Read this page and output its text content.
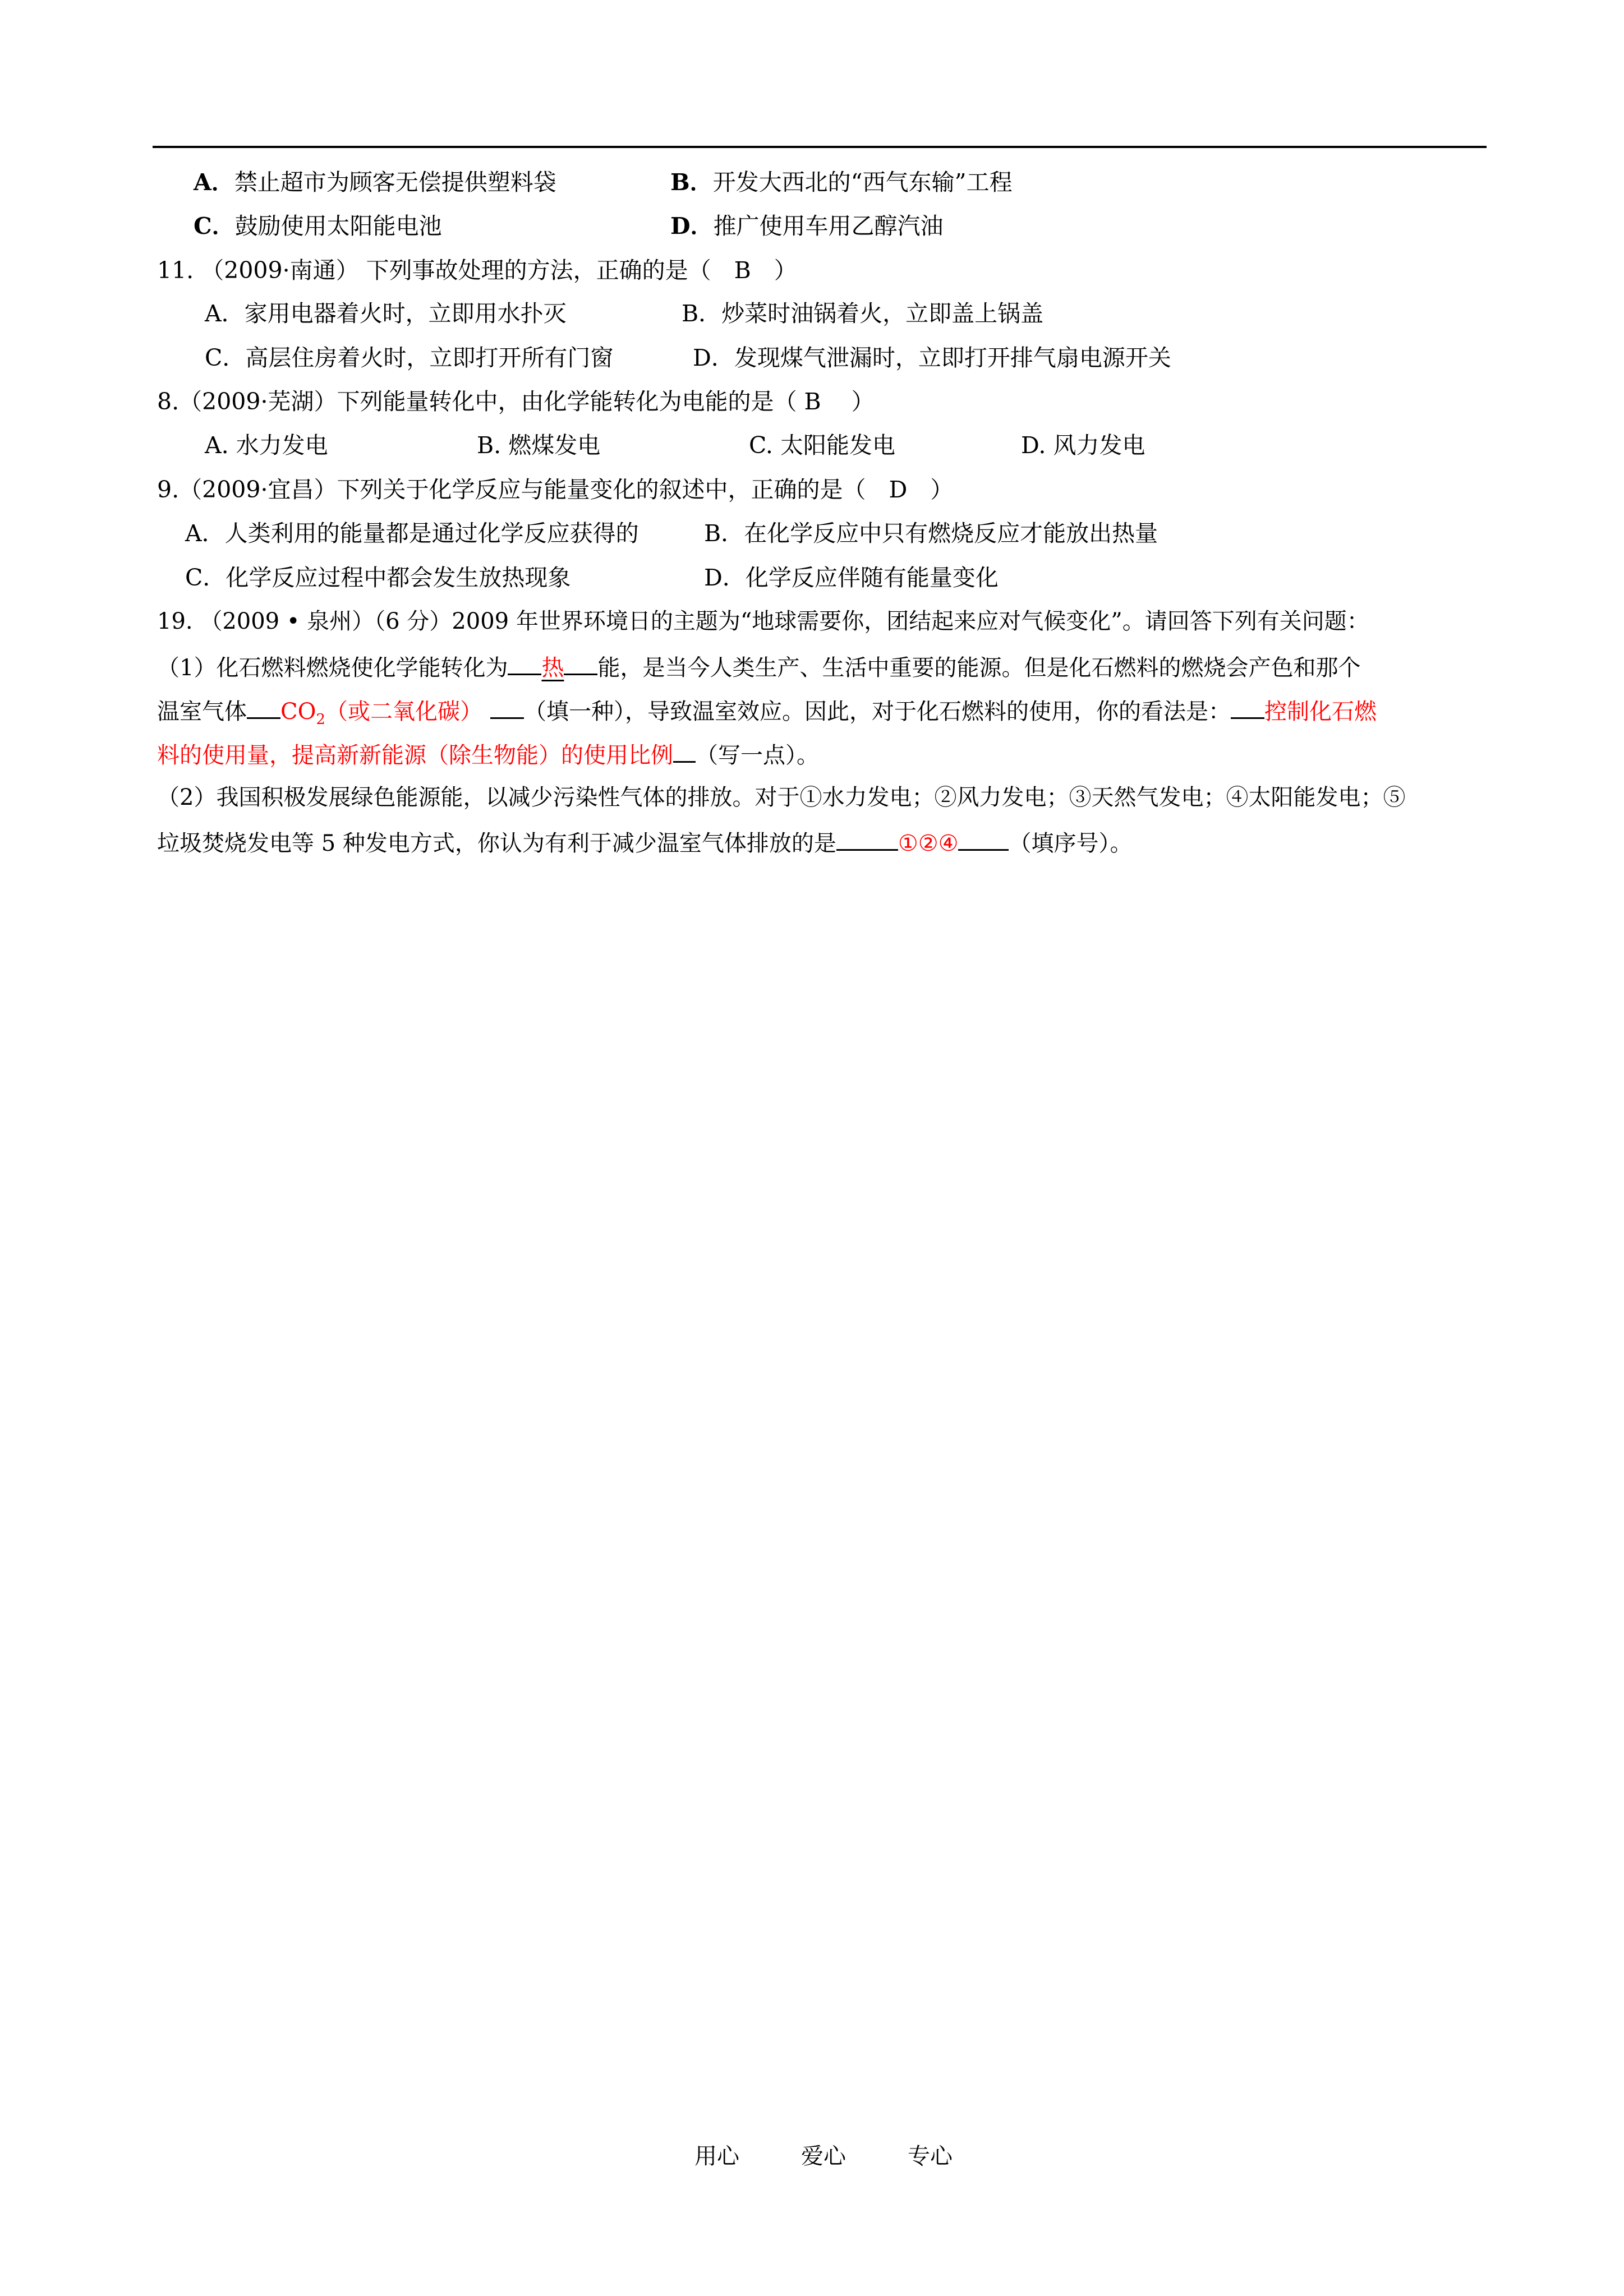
A．禁止超市为顾客无偿提供塑料袋	B．开发大西北的“西气东输”工程
C．鼓励使用太阳能电池	D．推广使用车用乙醇汽油
11. （2009·南通） 下列事故处理的方法，正确的是（　B　）
A．家用电器着火时，立即用水扑灭	B．炒菜时油锅着火，立即盖上锅盖
C．高层住房着火时，立即打开所有门窗	D．发现煤气泄漏时，立即打开排气扇电源开关
8.（2009·芜湖）下列能量转化中，由化学能转化为电能的是（ B　 ）
A. 水力发电	B. 燃煤发电	C. 太阳能发电	D. 风力发电
9.（2009·宜昌）下列关于化学反应与能量变化的叙述中，正确的是（　D　）
A．人类利用的能量都是通过化学反应获得的	B．在化学反应中只有燃烧反应才能放出热量
C．化学反应过程中都会发生放热现象	D．化学反应伴随有能量变化
19. （2009 • 泉州）（6 分）2009 年世界环境日的主题为“地球需要你，团结起来应对气候变化”。请回答下列有关问题：
（1）化石燃料燃烧使化学能转化为 热 能，是当今人类生产、生活中重要的能源。但是化石燃料的燃烧会产色和那个
温室气体 $CO_2$（或二氧化碳） （填一种），导致温室效应。因此，对于化石燃料的使用，你的看法是： 控制化石燃
料的使用量，提高新新能源（除生物能）的使用比例 （写一点）。
（2）我国积极发展绿色能源能，以减少污染性气体的排放。对于①水力发电；②风力发电；③天然气发电；④太阳能发电；⑤
垃圾焚烧发电等 5 种发电方式，你认为有利于减少温室气体排放的是	①②④ （填序号）。
用心	爱心	专心
